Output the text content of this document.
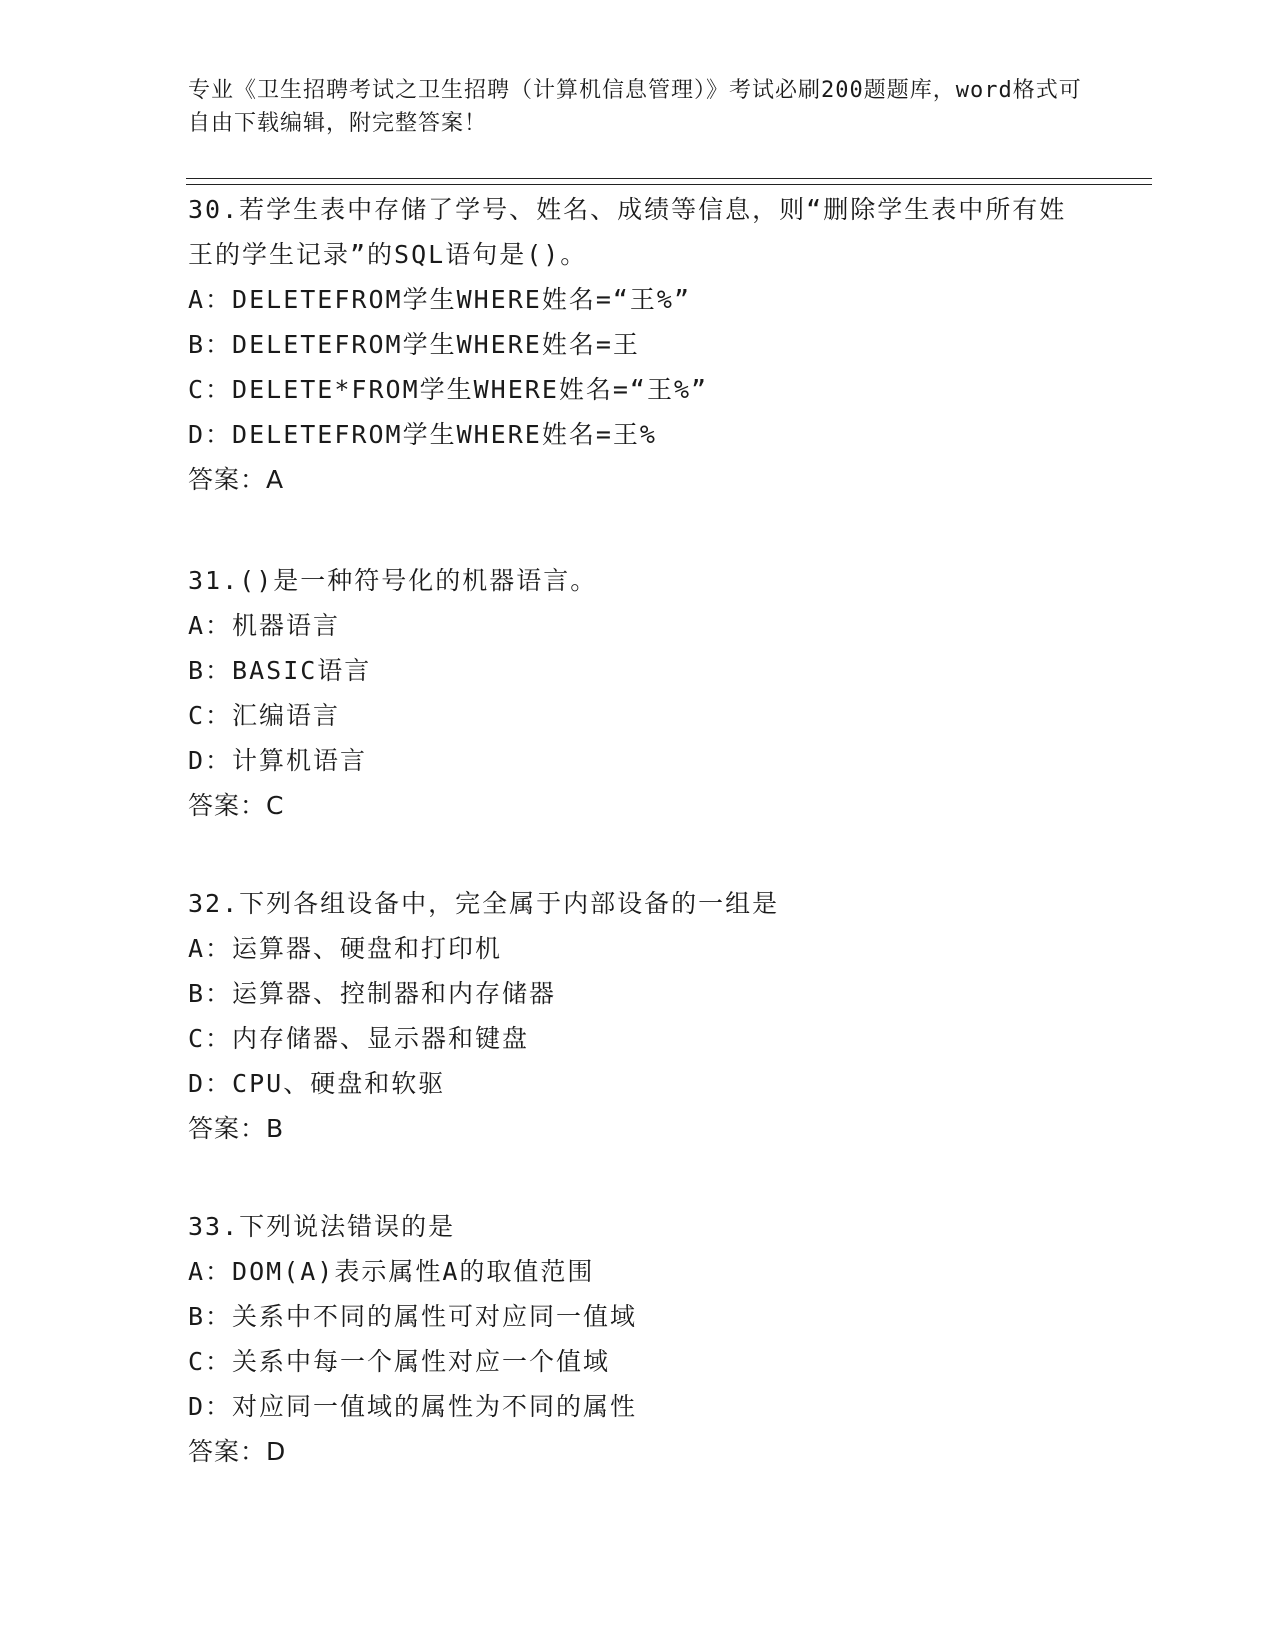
专业《卫生招聘考试之卫生招聘（计算机信息管理）》考试必刷200题题库，word格式可自由下载编辑，附完整答案！

30.若学生表中存储了学号、姓名、成绩等信息，则“删除学生表中所有姓王的学生记录”的SQL语句是()。

A：DELETEFROM学生WHERE姓名=“王%”
B：DELETEFROM学生WHERE姓名=王
C：DELETE*FROM学生WHERE姓名=“王%”
D：DELETEFROM学生WHERE姓名=王%
答案：A

31.()是一种符号化的机器语言。

A：机器语言
B：BASIC语言
C：汇编语言
D：计算机语言
答案：C

32.下列各组设备中，完全属于内部设备的一组是

A：运算器、硬盘和打印机
B：运算器、控制器和内存储器
C：内存储器、显示器和键盘
D：CPU、硬盘和软驱
答案：B

33.下列说法错误的是

A：DOM(A)表示属性A的取值范围
B：关系中不同的属性可对应同一值域
C：关系中每一个属性对应一个值域
D：对应同一值域的属性为不同的属性
答案：D
